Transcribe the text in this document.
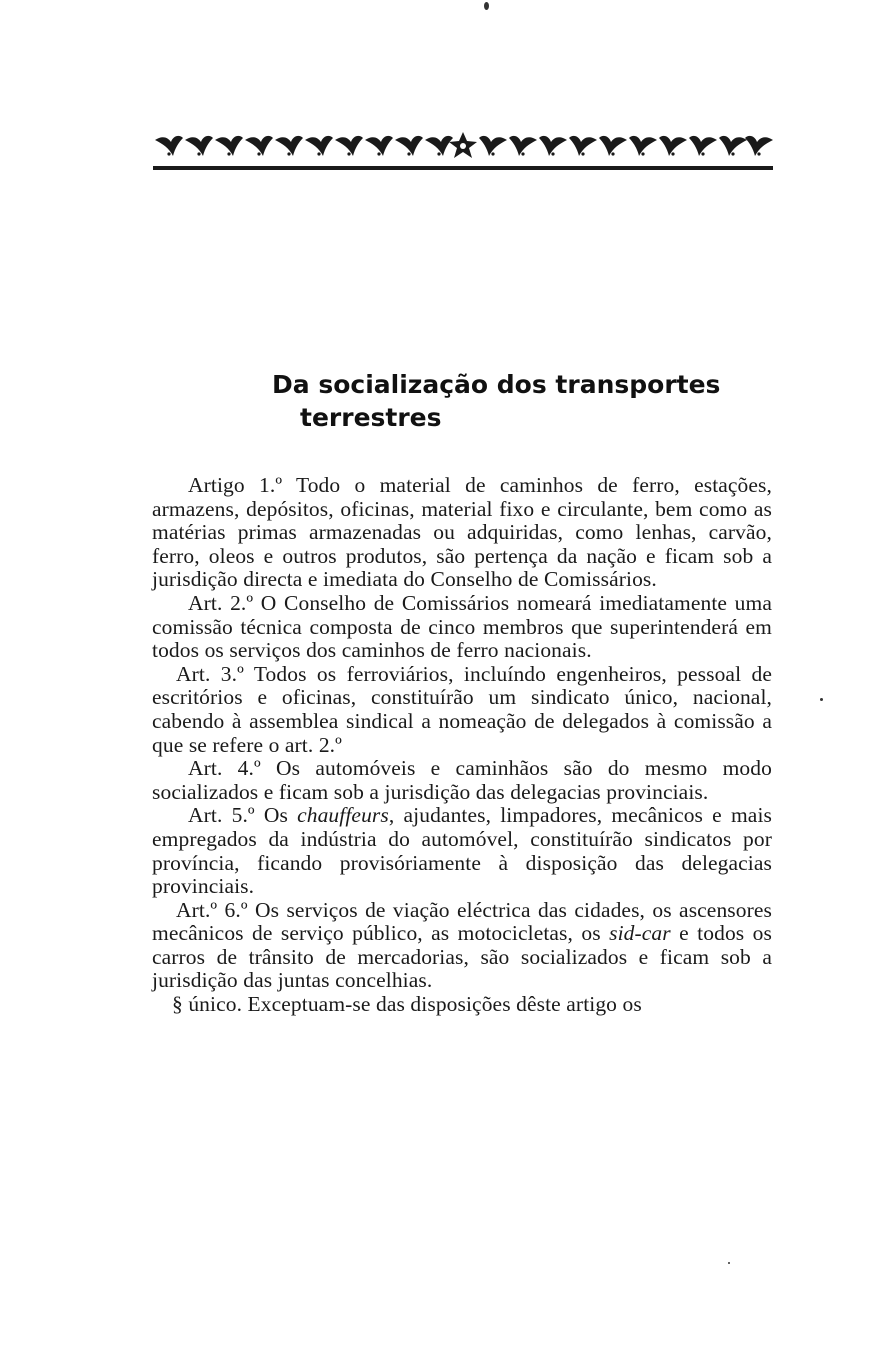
Da socialização dos transportes
terrestres

Artigo 1.º Todo o material de caminhos de ferro, estações, armazens, depósitos, oficinas, material fixo e circulante, bem como as matérias primas armazenadas ou adquiridas, como lenhas, carvão, ferro, oleos e outros produtos, são pertença da nação e ficam sob a jurisdição directa e imediata do Conselho de Comissários.

Art. 2.º O Conselho de Comissários nomeará imediatamente uma comissão técnica composta de cinco membros que superintenderá em todos os serviços dos caminhos de ferro nacionais.

Art. 3.º Todos os ferroviários, incluíndo engenheiros, pessoal de escritórios e oficinas, constituírão um sindicato único, nacional, cabendo à assemblea sindical a nomeação de delegados à comissão a que se refere o art. 2.º

Art. 4.º Os automóveis e caminhãos são do mesmo modo socializados e ficam sob a jurisdição das delegacias provinciais.

Art. 5.º Os chauffeurs, ajudantes, limpadores, mecânicos e mais empregados da indústria do automóvel, constituírão sindicatos por província, ficando provisóriamente à disposição das delegacias provinciais.

Art.º 6.º Os serviços de viação eléctrica das cidades, os ascensores mecânicos de serviço público, as motocicletas, os sid-car e todos os carros de trânsito de mercadorias, são socializados e ficam sob a jurisdição das juntas concelhias.

§ único. Exceptuam-se das disposições dêste artigo os
